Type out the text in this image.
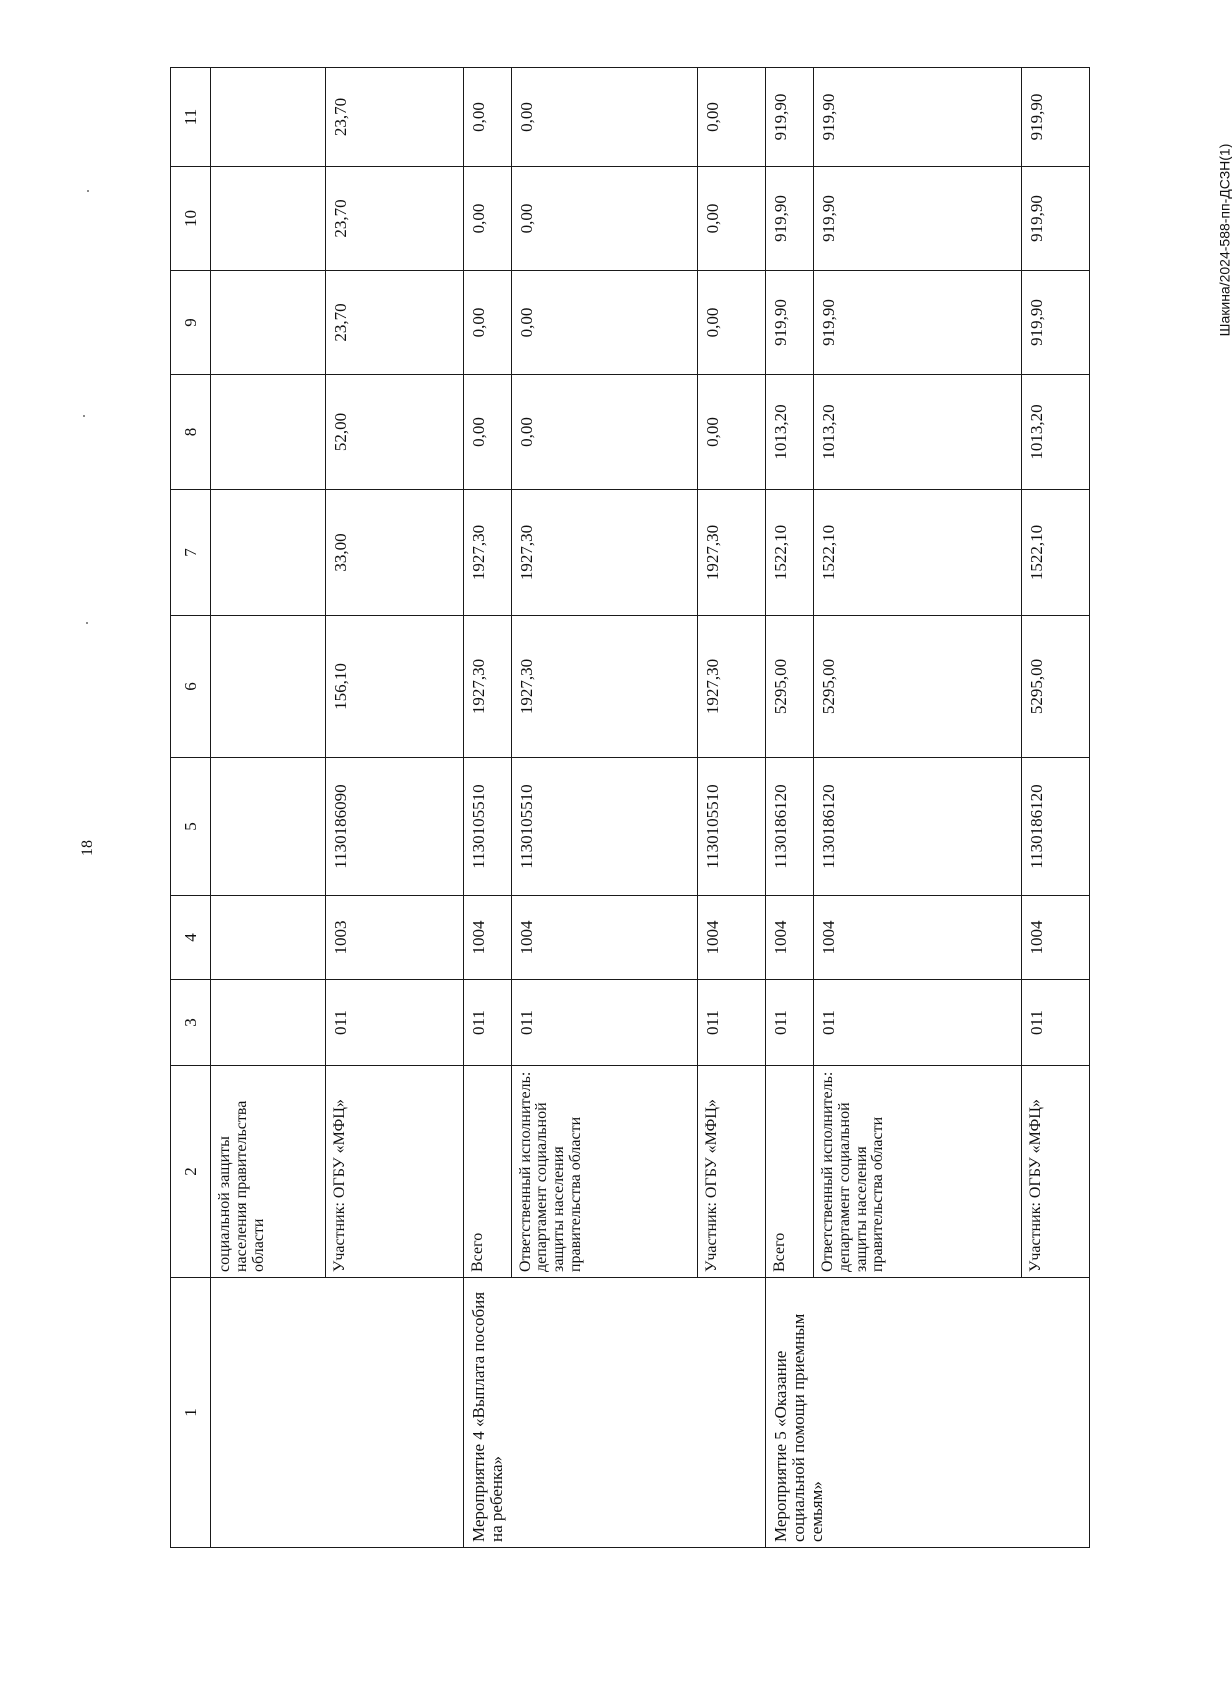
18
Шакина/2024-588-пп-ДСЗН(1)
1	2	3	4	5	6	7	8	9	10	11
	социальной защиты населения правительства области									
	Участник: ОГБУ «МФЦ»	011	1003	1130186090	156,10	33,00	52,00	23,70	23,70	23,70
Мероприятие 4 «Выплата пособия на ребенка»	Всего	011	1004	1130105510	1927,30	1927,30	0,00	0,00	0,00	0,00
	Ответственный исполнитель: департамент социальной защиты населения правительства области	011	1004	1130105510	1927,30	1927,30	0,00	0,00	0,00	0,00
	Участник: ОГБУ «МФЦ»	011	1004	1130105510	1927,30	1927,30	0,00	0,00	0,00	0,00
Мероприятие 5 «Оказание социальной помощи приемным семьям»	Всего	011	1004	1130186120	5295,00	1522,10	1013,20	919,90	919,90	919,90
	Ответственный исполнитель: департамент социальной защиты населения правительства области	011	1004	1130186120	5295,00	1522,10	1013,20	919,90	919,90	919,90
	Участник: ОГБУ «МФЦ»	011	1004	1130186120	5295,00	1522,10	1013,20	919,90	919,90	919,90
